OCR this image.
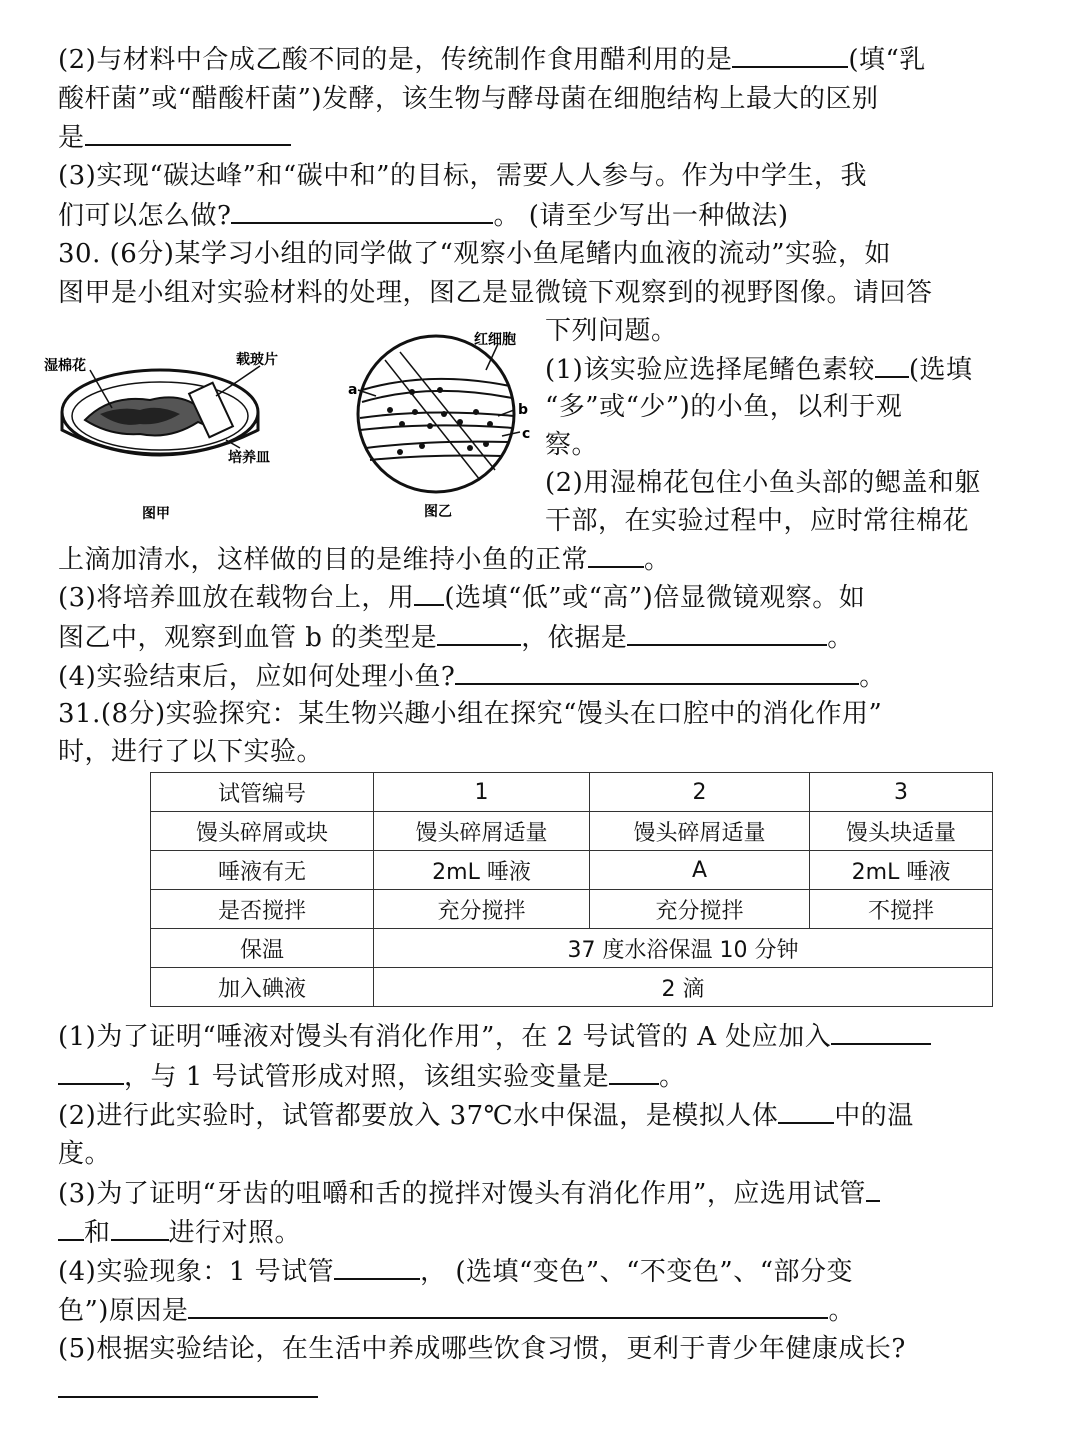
(2)与材料中合成乙酸不同的是，传统制作食用醋利用的是	(填“乳
酸杆菌”或“醋酸杆菌”)发酵，该生物与酵母菌在细胞结构上最大的区别
是
(3)实现“碳达峰”和“碳中和”的目标，需要人人参与。作为中学生，我
们可以怎么做?	。 (请至少写出一种做法)
30. (6分)某学习小组的同学做了“观察小鱼尾鳍内血液的流动”实验，如
图甲是小组对实验材料的处理，图乙是显微镜下观察到的视野图像。请回答
下列问题。
(1)该实验应选择尾鳍色素较 (选填
“多”或“少”)的小鱼，以利于观
察。
(2)用湿棉花包住小鱼头部的鳃盖和躯
干部，在实验过程中，应时常往棉花
湿棉花	载玻片
培养皿
图甲
红细胞
a
b
c
图乙
上滴加清水，这样做的目的是维持小鱼的正常 。
(3)将培养皿放在载物台上，用 (选填“低”或“高”)倍显微镜观察。如
图乙中，观察到血管 b 的类型是	，依据是	。
(4)实验结束后，应如何处理小鱼?	。
31.(8分)实验探究：某生物兴趣小组在探究“馒头在口腔中的消化作用”
时，进行了以下实验。
试管编号	1	2	3
馒头碎屑或块	馒头碎屑适量	馒头碎屑适量	馒头块适量
唾液有无	2mL 唾液	A	2mL 唾液
是否搅拌	充分搅拌	充分搅拌	不搅拌
保温	37 度水浴保温 10 分钟		
加入碘液	2 滴		
(1)为了证明“唾液对馒头有消化作用”，在 2 号试管的 A 处应加入
，与 1 号试管形成对照，该组实验变量是 。
(2)进行此实验时，试管都要放入 37℃水中保温，是模拟人体 中的温
度。
(3)为了证明“牙齿的咀嚼和舌的搅拌对馒头有消化作用”，应选用试管
和 进行对照。
(4)实验现象：1 号试管	， (选填“变色”、“不变色”、“部分变
色”)原因是	。
(5)根据实验结论，在生活中养成哪些饮食习惯，更利于青少年健康成长?
